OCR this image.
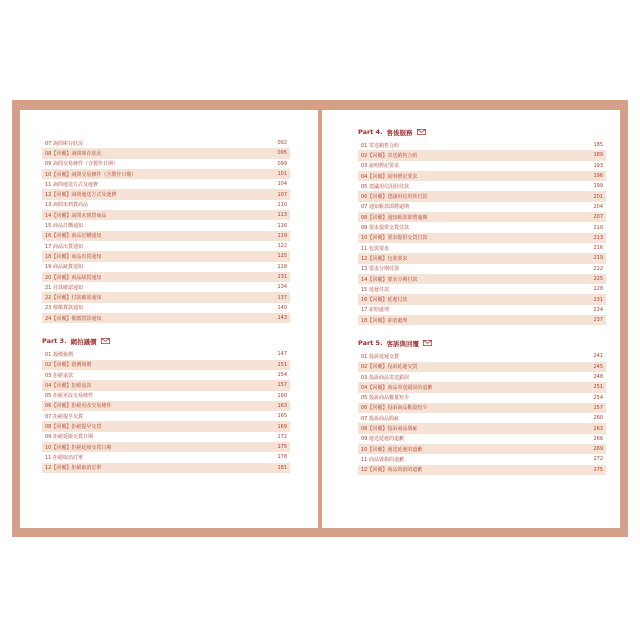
07 詢問庫存狀況	092
08【回覆】詢問庫存狀況	095
09 詢問交易條件（含製作日期）	099
10【回覆】詢問交易條件（含製作日期）	101
11 詢問運送方式及運費	104
12【回覆】詢問運送方式及運費	107
13 詢問未到貨商品	110
14【回覆】詢問未到貨商品	113
15 商品訂購通知	116
16【回覆】商品訂購通知	119
17 商品出貨通知	122
18【回覆】商品出貨通知	125
19 商品缺貨通知	128
20【回覆】商品缺貨通知	131
21 付款確認通知	134
22【回覆】付款確認通知	137
23 催繳貨款通知	140
24【回覆】催繳貨款通知	143
Part 3. 網拍議價
01 殺價報價	147
02【回覆】殺價報價	151
03 拒絕退款	154
04【回覆】拒絕退款	157
05 拒絕更改交易條件	160
06【回覆】拒絕更改交易條件	163
07 拒絕提早交貨	165
08【回覆】拒絕提早交貨	169
09 拒絕延緩交貨日期	172
10【回覆】拒絕延緩交貨日期	175
11 拒絕取消訂單	178
12【回覆】拒絕取消訂單	181
Part 4. 售後服務
01 寄送銷售合約	185
02【回覆】寄送銷售合約	189
03 說明標記要求	193
04【回覆】說明標記要求	196
05 建議用信用狀付款	199
06【回覆】建議用信用狀付款	201
07 通知帳款即將逾期	204
08【回覆】通知帳款即將逾期	207
09 要求提供交貨付款	210
10【回覆】要求提供交貨付款	213
11 包裝要求	216
12【回覆】包裝要求	219
13 要求分期付款	222
14【回覆】要求分期付款	225
15 延遲付款	228
16【回覆】延遲付款	231
17 索賠處理	234
18【回覆】索賠處理	237
Part 5. 客訴與回覆
01 投訴延遲交貨	241
02【回覆】投訴延遲交貨	245
03 投訴商品寄送錯誤	248
04【回覆】商品寄送錯誤的道歉	251
05 投訴商品數量短少	254
06【回覆】投訴商品數量短少	257
07 投訴商品瑕疵	260
08【回覆】投訴商品瑕疵	263
09 運送延遲的道歉	266
10【回覆】運送延遲的道歉	269
11 商品毀損的道歉	272
12【回覆】商品毀損的道歉	275
